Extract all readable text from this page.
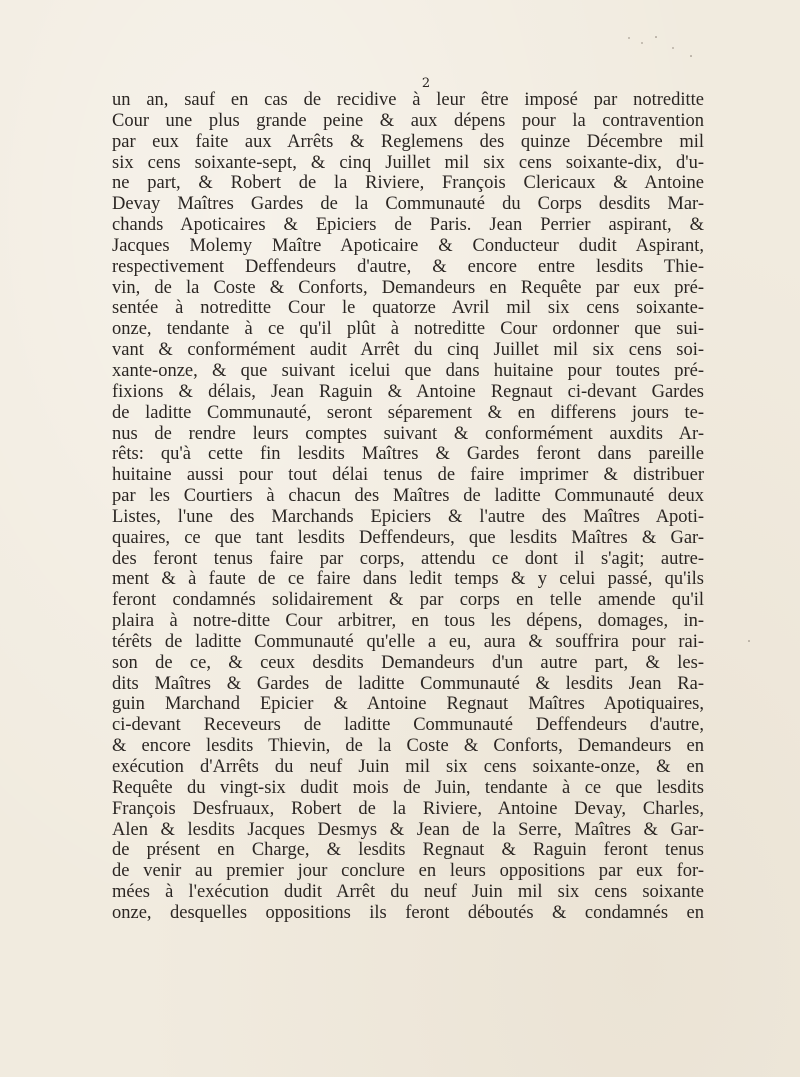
2

un an, sauf en cas de recidive à leur être imposé par notreditte
Cour une plus grande peine & aux dépens pour la contravention
par eux faite aux Arrêts & Reglemens des quinze Décembre mil
six cens soixante-sept, & cinq Juillet mil six cens soixante-dix, d'u-
ne part, & Robert de la Riviere, François Clericaux & Antoine
Devay Maîtres Gardes de la Communauté du Corps desdits Mar-
chands Apoticaires & Epiciers de Paris. Jean Perrier aspirant, &
Jacques Molemy Maître Apoticaire & Conducteur dudit Aspirant,
respectivement Deffendeurs d'autre, & encore entre lesdits Thie-
vin, de la Coste & Conforts, Demandeurs en Requête par eux pré-
sentée à notreditte Cour le quatorze Avril mil six cens soixante-
onze, tendante à ce qu'il plût à notreditte Cour ordonner que sui-
vant & conformément audit Arrêt du cinq Juillet mil six cens soi-
xante-onze, & que suivant icelui que dans huitaine pour toutes pré-
fixions & délais, Jean Raguin & Antoine Regnaut ci-devant Gardes
de laditte Communauté, seront séparement & en differens jours te-
nus de rendre leurs comptes suivant & conformément auxdits Ar-
rêts: qu'à cette fin lesdits Maîtres & Gardes feront dans pareille
huitaine aussi pour tout délai tenus de faire imprimer & distribuer
par les Courtiers à chacun des Maîtres de laditte Communauté deux
Listes, l'une des Marchands Epiciers & l'autre des Maîtres Apoti-
quaires, ce que tant lesdits Deffendeurs, que lesdits Maîtres & Gar-
des feront tenus faire par corps, attendu ce dont il s'agit; autre-
ment & à faute de ce faire dans ledit temps & y celui passé, qu'ils
feront condamnés solidairement & par corps en telle amende qu'il
plaira à notre-ditte Cour arbitrer, en tous les dépens, domages, in-
térêts de laditte Communauté qu'elle a eu, aura & souffrira pour rai-
son de ce, & ceux desdits Demandeurs d'un autre part, & les-
dits Maîtres & Gardes de laditte Communauté & lesdits Jean Ra-
guin Marchand Epicier & Antoine Regnaut Maîtres Apotiquaires,
ci-devant Receveurs de laditte Communauté Deffendeurs d'autre,
& encore lesdits Thievin, de la Coste & Conforts, Demandeurs en
exécution d'Arrêts du neuf Juin mil six cens soixante-onze, & en
Requête du vingt-six dudit mois de Juin, tendante à ce que lesdits
François Desfruaux, Robert de la Riviere, Antoine Devay, Charles,
Alen & lesdits Jacques Desmys & Jean de la Serre, Maîtres & Gar-
de présent en Charge, & lesdits Regnaut & Raguin feront tenus
de venir au premier jour conclure en leurs oppositions par eux for-
mées à l'exécution dudit Arrêt du neuf Juin mil six cens soixante
onze, desquelles oppositions ils feront déboutés & condamnés en
